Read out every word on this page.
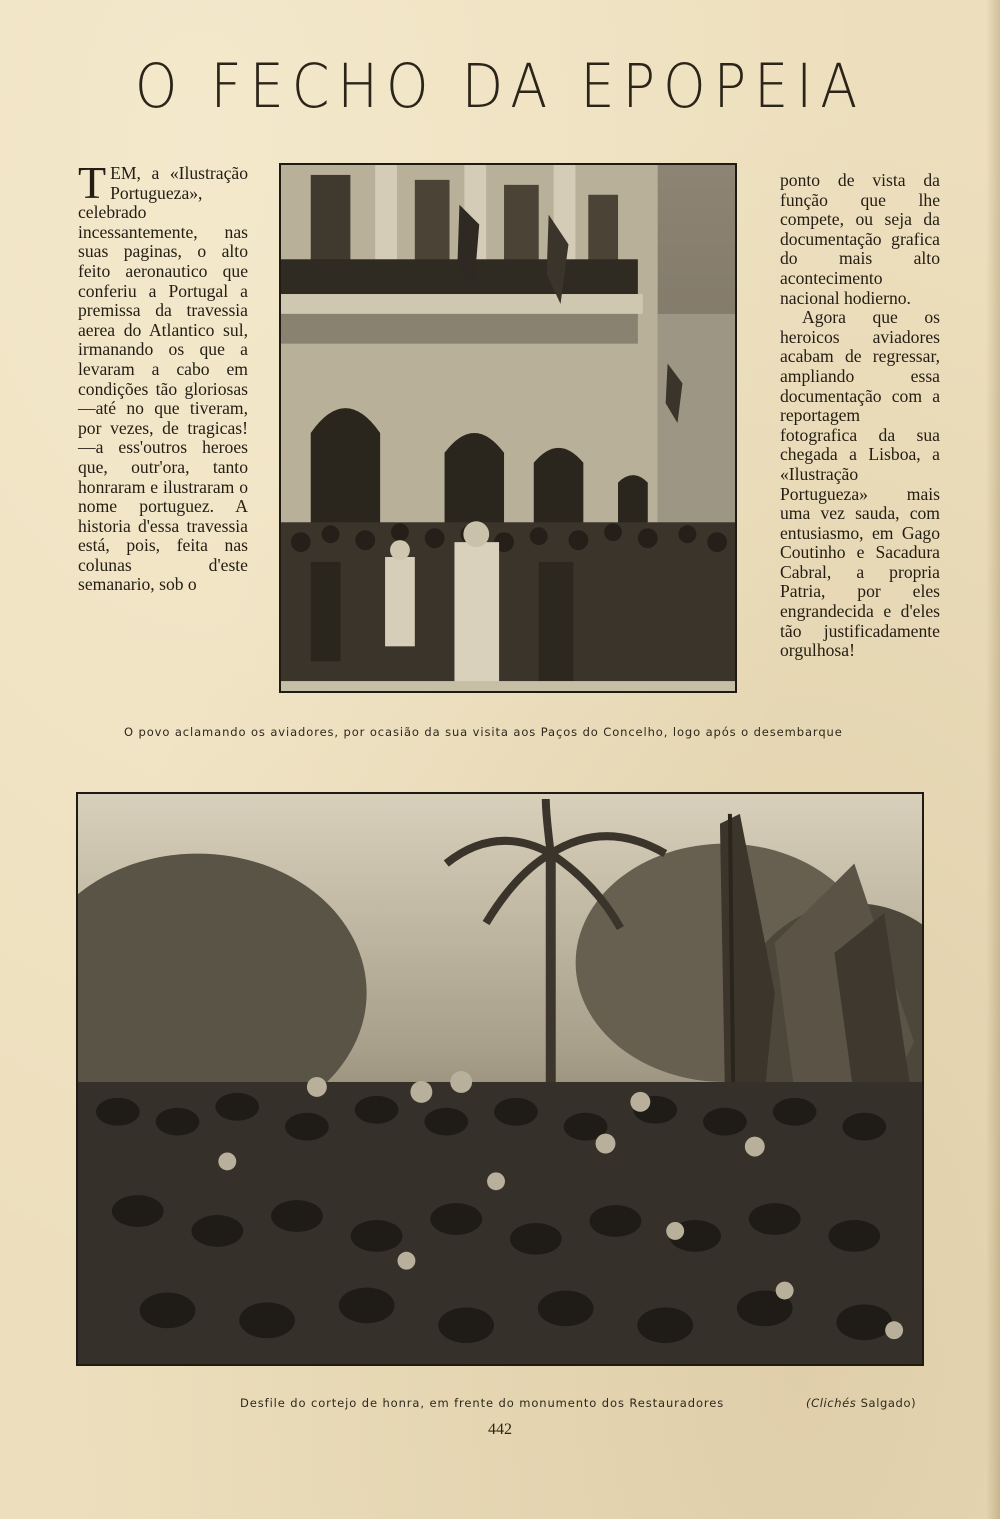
O FECHO DA EPOPEIA

TEM, a «Ilustração Portugueza», celebrado incessantemente, nas suas paginas, o alto feito aeronautico que conferiu a Portugal a premissa da travessia aerea do Atlantico sul, irmanando os que a levaram a cabo em condições tão gloriosas—até no que tiveram, por vezes, de tragicas!—a ess'outros heroes que, outr'ora, tanto honraram e ilustraram o nome portuguez. A historia d'essa travessia está, pois, feita nas colunas d'este semanario, sob o

ponto de vista da função que lhe compete, ou seja da documentação grafica do mais alto acontecimento nacional hodierno.

Agora que os heroicos aviadores acabam de regressar, ampliando essa documentação com a reportagem fotografica da sua chegada a Lisboa, a «Ilustração Portugueza» mais uma vez sauda, com entusiasmo, em Gago Coutinho e Sacadura Cabral, a propria Patria, por eles engrandecida e d'eles tão justificadamente orgulhosa!

O povo aclamando os aviadores, por ocasião da sua visita aos Paços do Concelho, logo após o desembarque
Desfile do cortejo de honra, em frente do monumento dos Restauradores	(Clichés Salgado)
442
